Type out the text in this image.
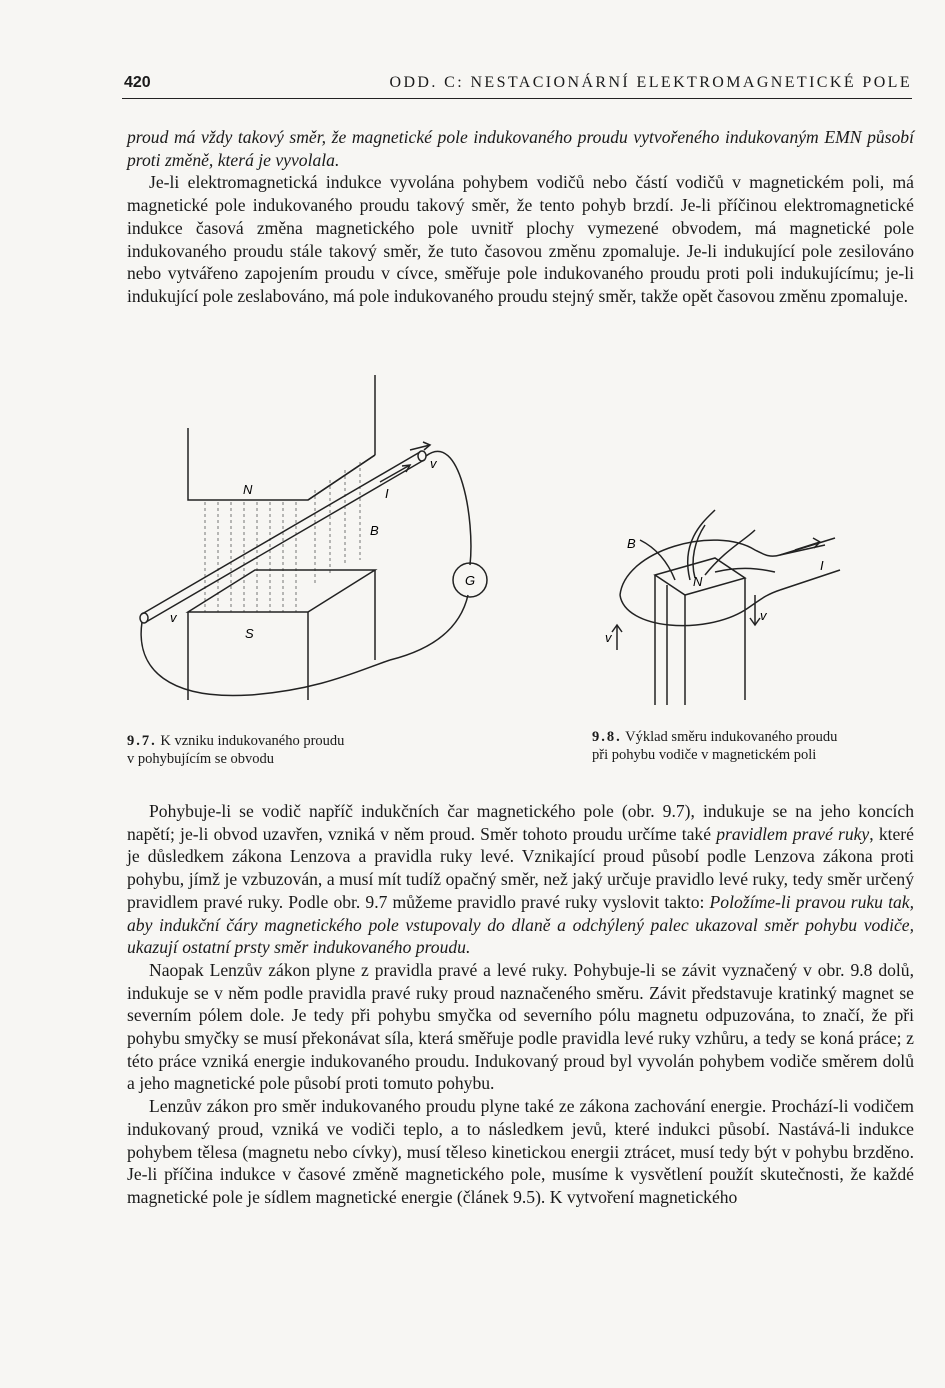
420	ODD. C: NESTACIONÁRNÍ ELEKTROMAGNETICKÉ POLE

proud má vždy takový směr, že magnetické pole indukovaného proudu vytvořeného indukovaným EMN působí proti změně, která je vyvolala.

Je-li elektromagnetická indukce vyvolána pohybem vodičů nebo částí vodičů v magnetickém poli, má magnetické pole indukovaného proudu takový směr, že tento pohyb brzdí. Je-li příčinou elektromagnetické indukce časová změna magnetického pole uvnitř plochy vymezené obvodem, má magnetické pole indukovaného proudu stále takový směr, že tuto časovou změnu zpomaluje. Je-li indukující pole zesilováno nebo vytvářeno zapojením proudu v cívce, směřuje pole indukovaného proudu proti poli indukujícímu; je-li indukující pole zeslabováno, má pole indukovaného proudu stejný směr, takže opět časovou změnu zpomaluje.

N
S
B
G
I
v
v
9.7. K vzniku indukovaného proudu
v pohybujícím se obvodu
B
N
I
v
v
9.8. Výklad směru indukovaného proudu
při pohybu vodiče v magnetickém poli

Pohybuje-li se vodič napříč indukčních čar magnetického pole (obr. 9.7), indukuje se na jeho koncích napětí; je-li obvod uzavřen, vzniká v něm proud. Směr tohoto proudu určíme také pravidlem pravé ruky, které je důsledkem zákona Lenzova a pravidla ruky levé. Vznikající proud působí podle Lenzova zákona proti pohybu, jímž je vzbuzován, a musí mít tudíž opačný směr, než jaký určuje pravidlo levé ruky, tedy směr určený pravidlem pravé ruky. Podle obr. 9.7 můžeme pravidlo pravé ruky vyslovit takto: Položíme-li pravou ruku tak, aby indukční čáry magnetického pole vstupovaly do dlaně a odchýlený palec ukazoval směr pohybu vodiče, ukazují ostatní prsty směr indukovaného proudu.

Naopak Lenzův zákon plyne z pravidla pravé a levé ruky. Pohybuje-li se závit vyznačený v obr. 9.8 dolů, indukuje se v něm podle pravidla pravé ruky proud naznačeného směru. Závit představuje kratinký magnet se severním pólem dole. Je tedy při pohybu smyčka od severního pólu magnetu odpuzována, to značí, že při pohybu smyčky se musí překonávat síla, která směřuje podle pravidla levé ruky vzhůru, a tedy se koná práce; z této práce vzniká energie indukovaného proudu. Indukovaný proud byl vyvolán pohybem vodiče směrem dolů a jeho magnetické pole působí proti tomuto pohybu.

Lenzův zákon pro směr indukovaného proudu plyne také ze zákona zachování energie. Prochází-li vodičem indukovaný proud, vzniká ve vodiči teplo, a to následkem jevů, které indukci působí. Nastává-li indukce pohybem tělesa (magnetu nebo cívky), musí těleso kinetickou energii ztrácet, musí tedy být v pohybu brzděno. Je-li příčina indukce v časové změně magnetického pole, musíme k vysvětlení použít skutečnosti, že každé magnetické pole je sídlem magnetické energie (článek 9.5). K vytvoření magnetického
